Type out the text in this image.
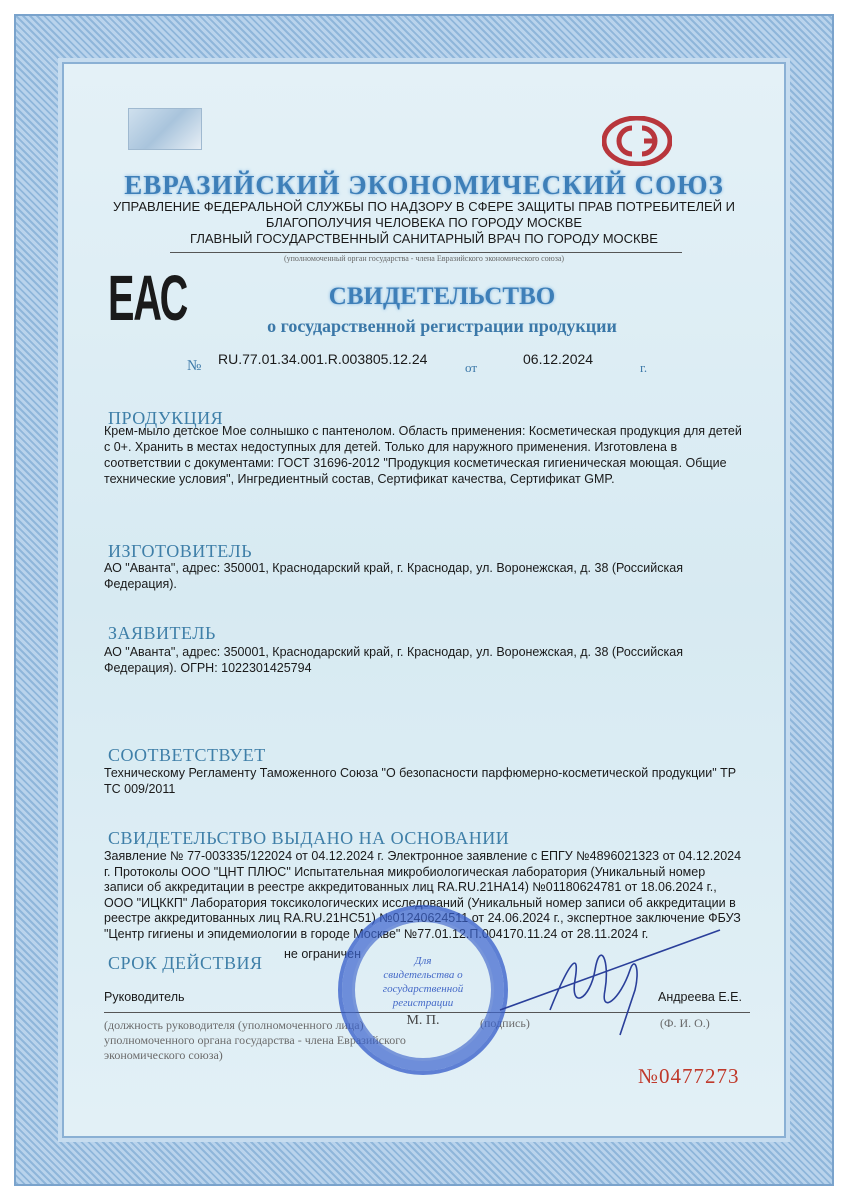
ЕВРАЗИЙСКИЙ ЭКОНОМИЧЕСКИЙ СОЮЗ
УПРАВЛЕНИЕ ФЕДЕРАЛЬНОЙ СЛУЖБЫ ПО НАДЗОРУ В СФЕРЕ ЗАЩИТЫ ПРАВ ПОТРЕБИТЕЛЕЙ И
БЛАГОПОЛУЧИЯ ЧЕЛОВЕКА ПО ГОРОДУ МОСКВЕ
ГЛАВНЫЙ ГОСУДАРСТВЕННЫЙ САНИТАРНЫЙ ВРАЧ ПО ГОРОДУ МОСКВЕ
(уполномоченный орган государства - члена Евразийского экономического союза)
ЕАС	СВИДЕТЕЛЬСТВО
о государственной регистрации продукции
№ RU.77.01.34.001.R.003805.12.24
от
06.12.2024
г.
ПРОДУКЦИЯ
Крем-мыло детское Мое солнышко с пантенолом. Область применения: Косметическая продукция для детей с 0+. Хранить в местах недоступных для детей. Только для наружного применения. Изготовлена в соответствии с документами: ГОСТ 31696-2012 "Продукция косметическая гигиеническая моющая. Общие технические условия", Ингредиентный состав, Сертификат качества, Сертификат GMP.
ИЗГОТОВИТЕЛЬ
АО "Аванта", адрес: 350001, Краснодарский край, г. Краснодар, ул. Воронежская, д. 38 (Российская Федерация).
ЗАЯВИТЕЛЬ
АО "Аванта", адрес: 350001, Краснодарский край, г. Краснодар, ул. Воронежская, д. 38 (Российская Федерация). ОГРН: 1022301425794
СООТВЕТСТВУЕТ
Техническому Регламенту Таможенного Союза "О безопасности парфюмерно-косметической продукции" ТР ТС 009/2011
СВИДЕТЕЛЬСТВО ВЫДАНО НА ОСНОВАНИИ
Заявление № 77-003335/122024 от 04.12.2024 г. Электронное заявление с ЕПГУ №4896021323 от 04.12.2024 г. Протоколы ООО "ЦНТ ПЛЮС" Испытательная микробиологическая лаборатория (Уникальный номер записи об аккредитации в реестре аккредитованных лиц RA.RU.21НА14) №01180624781 от 18.06.2024 г., ООО "ИЦККП" Лаборатория токсикологических исследований (Уникальный номер записи об аккредитации в реестре аккредитованных лиц RA.RU.21НС51) №01240624511 от 24.06.2024 г., экспертное заключение ФБУЗ "Центр гигиены и эпидемиологии в городе Москве" №77.01.12.П.004170.11.24 от 28.11.2024 г.
СРОК ДЕЙСТВИЯ не ограничен
Руководитель	Андреева Е.Е.
(должность руководителя (уполномоченного лица) уполномоченного органа государства - члена Евразийского экономического союза)
(подпись)	(Ф. И. О.)
Для свидетельства о государственной регистрации
М. П.
№0477273
